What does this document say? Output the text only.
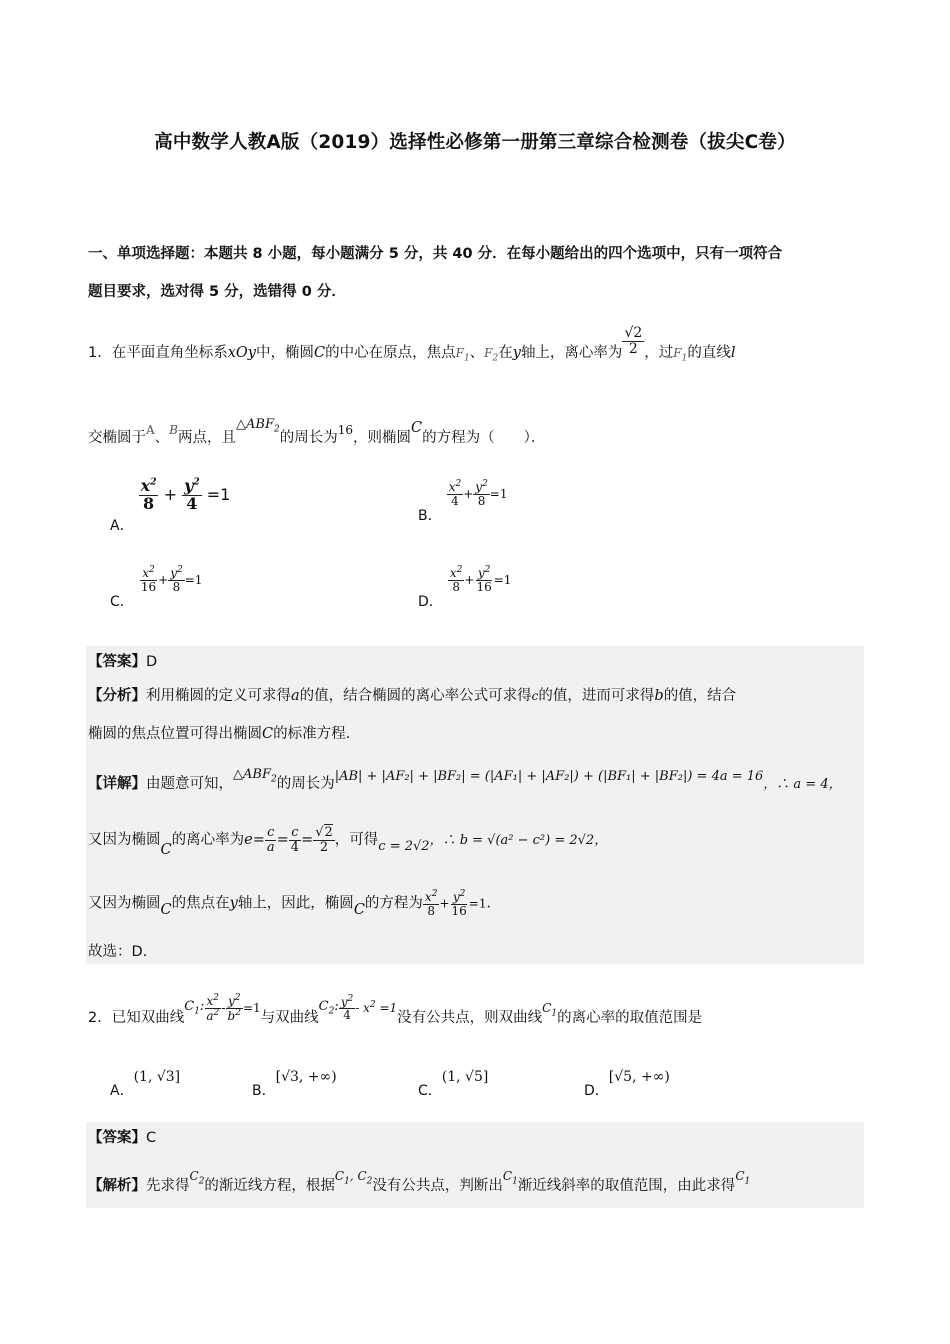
高中数学人教A版（2019）选择性必修第一册第三章综合检测卷（拔尖C卷）
一、单项选择题：本题共 8 小题，每小题满分 5 分，共 40 分．在每小题给出的四个选项中，只有一项符合
题目要求，选对得 5 分，选错得 0 分．
1．在平面直角坐标系xOy中，椭圆C的中心在原点，焦点$F_1$、$F_2$在y轴上，离心率为 $\frac{√2}{2}$ ，过$F_1$的直线l
交椭圆于$^A$、$^B$两点，且$\triangle ABF_2$的周长为$^{16}$，则椭圆C的方程为（　　）．
A．
$\frac{x^2}{8} + \frac{y^2}{4} =1$
B．
$\frac{x^2}{4} + \frac{y^2}{8} =1$
C．
$\frac{x^2}{16} + \frac{y^2}{8} =1$
D．
$\frac{x^2}{8} + \frac{y^2}{16} =1$
【答案】D
【分析】利用椭圆的定义可求得a的值，结合椭圆的离心率公式可求得c的值，进而可求得b的值，结合
椭圆的焦点位置可得出椭圆C的标准方程.
【详解】由题意可知，$\triangle ABF_2$的周长为|AB| + |AF₂| + |BF₂| = (|AF₁| + |AF₂|) + (|BF₁| + |BF₂|) = 4a = 16，∴ a = 4，
又因为椭圆C的离心率为$e= \frac{c}{a} = \frac{c}{4} = \frac{√2}{2}$ ，可得c = 2√2，∴ b = √(a² − c²) = 2√2，
又因为椭圆C的焦点在y轴上，因此，椭圆C的方程为 $\frac{x^2}{8} + \frac{y^2}{16} =1$．
故选：D.
2．已知双曲线$C_1$: $\frac{x^2}{a^2} ^- \frac{y^2}{b^2} ^{=1}$与双曲线$C_2$: $\frac{y^2}{4} ^{- x^2 =1}$没有公共点，则双曲线$^{C_1}$的离心率的取值范围是
A．(1, √3]
B．[√3, +∞)
C．(1, √5]
D．[√5, +∞)
【答案】C
【解析】先求得$^{C_2}$的渐近线方程，根据$^{C_1, C_2}$没有公共点，判断出$^{C_1}$渐近线斜率的取值范围，由此求得$^{C_1}$
